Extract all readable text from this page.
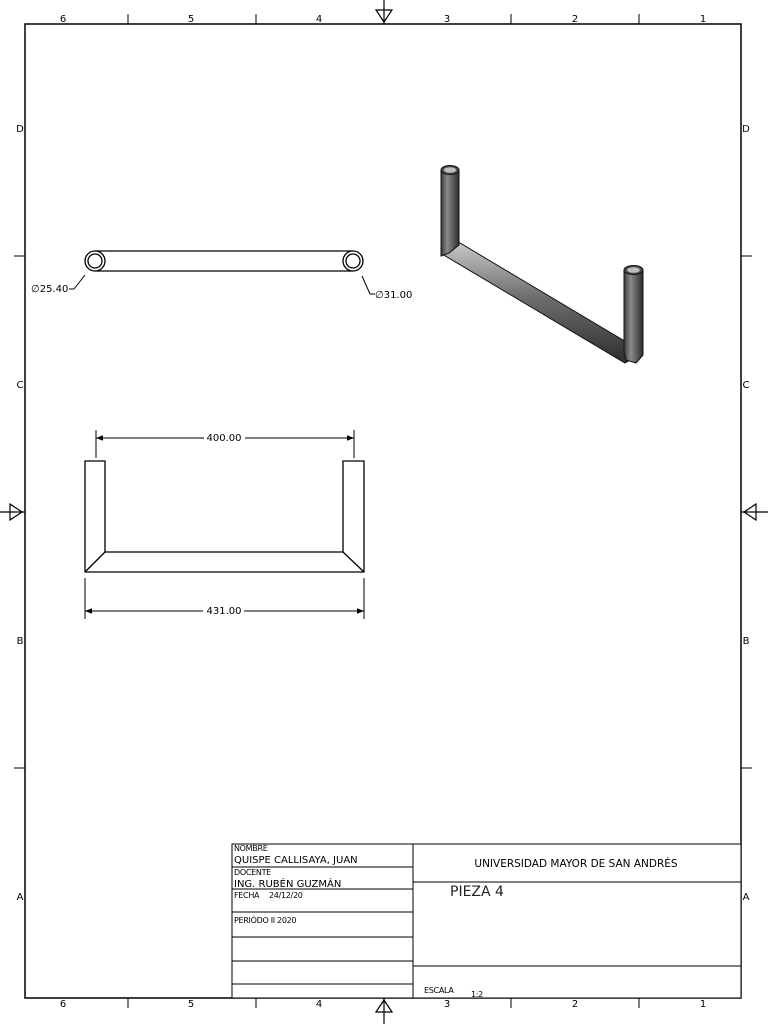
6	5	4	3	2	1
6	5	4	3	2	1
D
C
B
A
D
C
B
A
∅25.40
∅31.00
400.00
431.00
NOMBRE
QUISPE CALLISAYA, JUAN
DOCENTE
ING. RUBÉN GUZMÁN
FECHA 24/12/20
PERIÓDO II 2020
UNIVERSIDAD MAYOR DE SAN ANDRÉS
PIEZA 4
ESCALA 1:2
